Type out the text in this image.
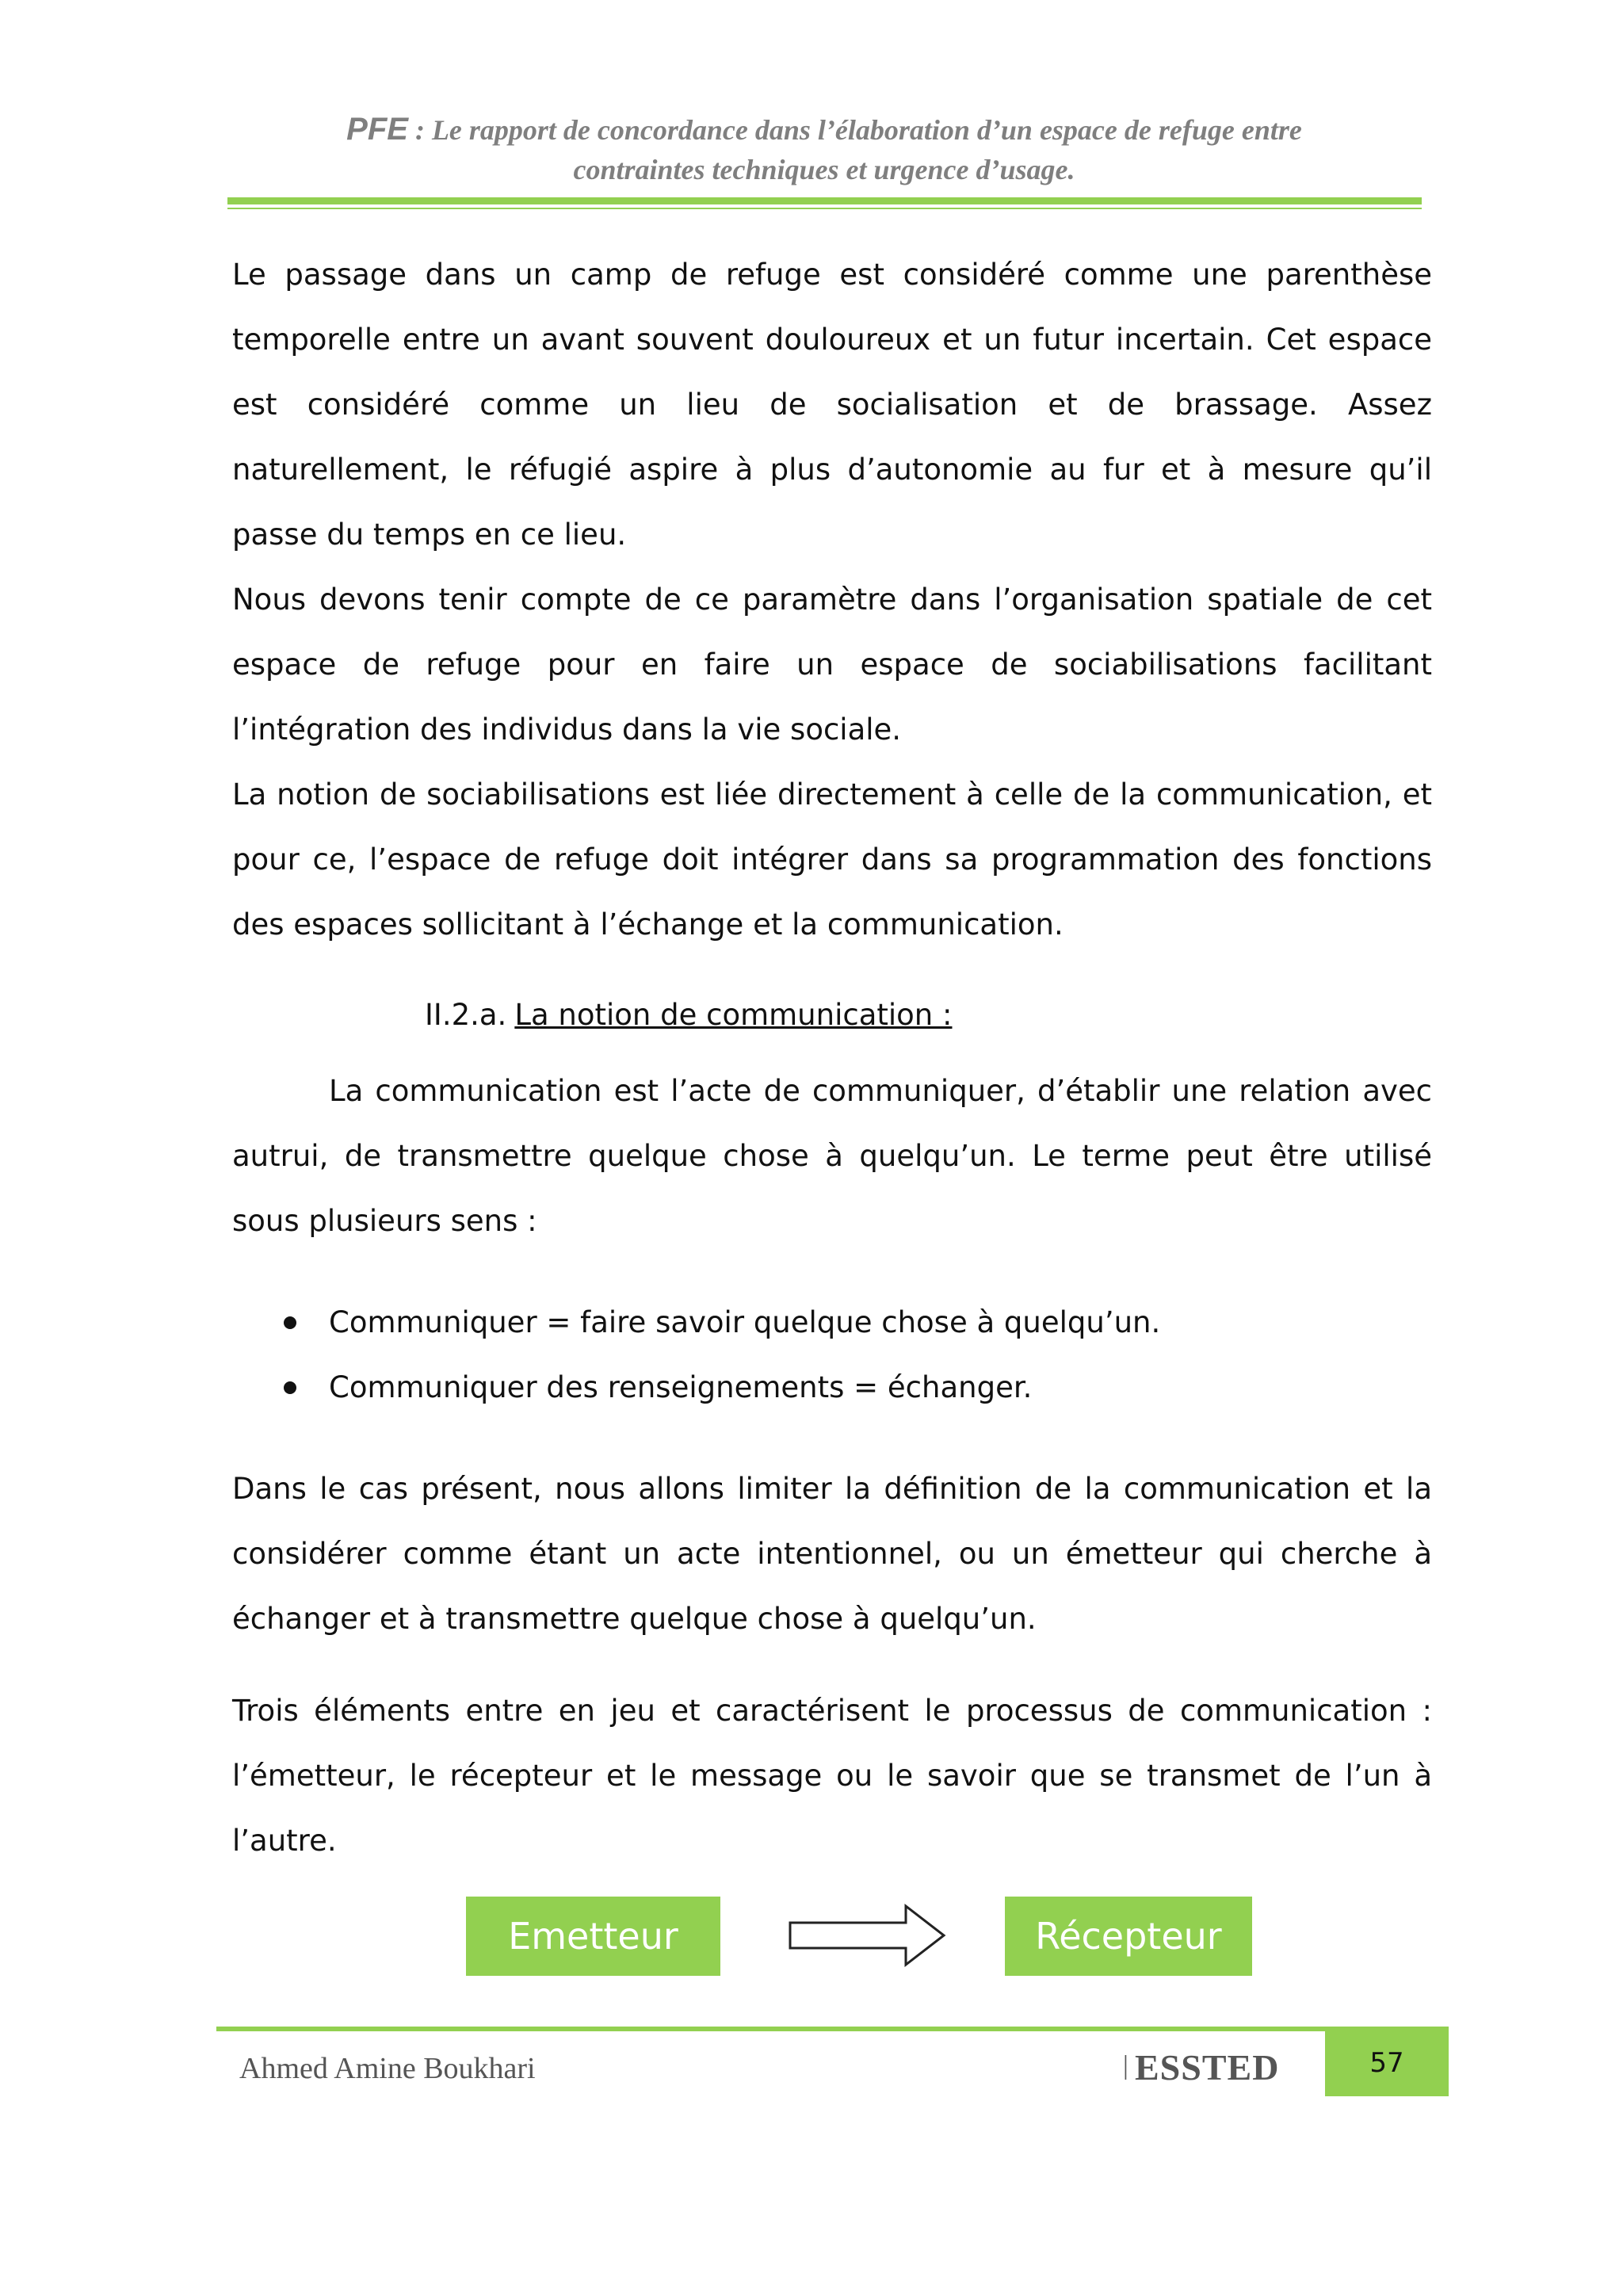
PFE : Le rapport de concordance dans l’élaboration d’un espace de refuge entre
contraintes techniques et urgence d’usage.

Le passage dans un camp de refuge est considéré comme une parenthèse temporelle entre un avant souvent douloureux et un futur incertain. Cet espace est considéré comme un lieu de socialisation et de brassage. Assez naturellement, le réfugié aspire à plus d’autonomie au fur et à mesure qu’il passe du temps en ce lieu.

Nous devons tenir compte de ce paramètre dans l’organisation spatiale de cet espace de refuge pour en faire un espace de sociabilisations facilitant l’intégration des individus dans la vie sociale.

La notion de sociabilisations est liée directement à celle de la communication, et pour ce, l’espace de refuge doit intégrer dans sa programmation des fonctions des espaces sollicitant à l’échange et la communication.

II.2.a. La notion de communication :

La communication est l’acte de communiquer, d’établir une relation avec autrui, de transmettre quelque chose à quelqu’un. Le terme peut être utilisé sous plusieurs sens :

Communiquer = faire savoir quelque chose à quelqu’un.
Communiquer des renseignements = échanger.

Dans le cas présent, nous allons limiter la définition de la communication et la considérer comme étant un acte intentionnel, ou un émetteur qui cherche à échanger et à transmettre quelque chose à quelqu’un.

Trois éléments entre en jeu et caractérisent le processus de communication : l’émetteur, le récepteur et le message ou le savoir que se transmet de l’un à l’autre.

Emetteur	Récepteur
Ahmed Amine Boukhari	| ESSTED	57
